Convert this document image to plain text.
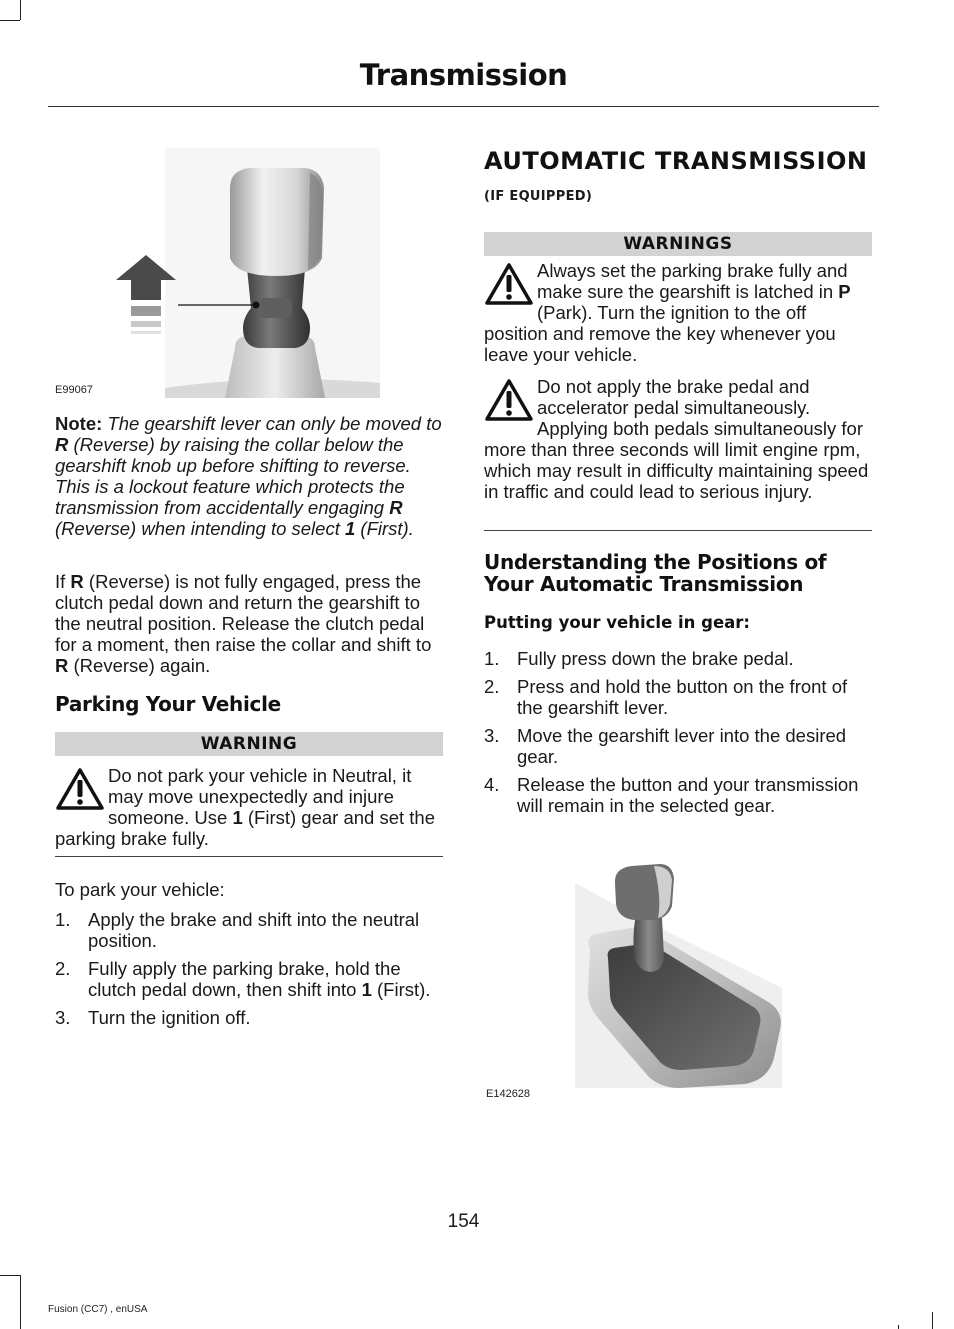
Transmission
E99067

Note: The gearshift lever can only be moved to R (Reverse) by raising the collar below the gearshift knob up before shifting to reverse. This is a lockout feature which protects the transmission from accidentally engaging R (Reverse) when intending to select 1 (First).

If R (Reverse) is not fully engaged, press the clutch pedal down and return the gearshift to the neutral position. Release the clutch pedal for a moment, then raise the collar and shift to R (Reverse) again.

Parking Your Vehicle
WARNING

Do not park your vehicle in Neutral, it may move unexpectedly and injure someone. Use 1 (First) gear and set the parking brake fully.

To park your vehicle:

1. Apply the brake and shift into the neutral position.
2. Fully apply the parking brake, hold the clutch pedal down, then shift into 1 (First).
3. Turn the ignition off.
AUTOMATIC TRANSMISSION
(IF EQUIPPED)
WARNINGS

Always set the parking brake fully and make sure the gearshift is latched in P (Park). Turn the ignition to the off position and remove the key whenever you leave your vehicle.

Do not apply the brake pedal and accelerator pedal simultaneously. Applying both pedals simultaneously for more than three seconds will limit engine rpm, which may result in difficulty maintaining speed in traffic and could lead to serious injury.

Understanding the Positions of Your Automatic Transmission
Putting your vehicle in gear:
1. Fully press down the brake pedal.
2. Press and hold the button on the front of the gearshift lever.
3. Move the gearshift lever into the desired gear.
4. Release the button and your transmission will remain in the selected gear.
E142628
154
Fusion (CC7) , enUSA
